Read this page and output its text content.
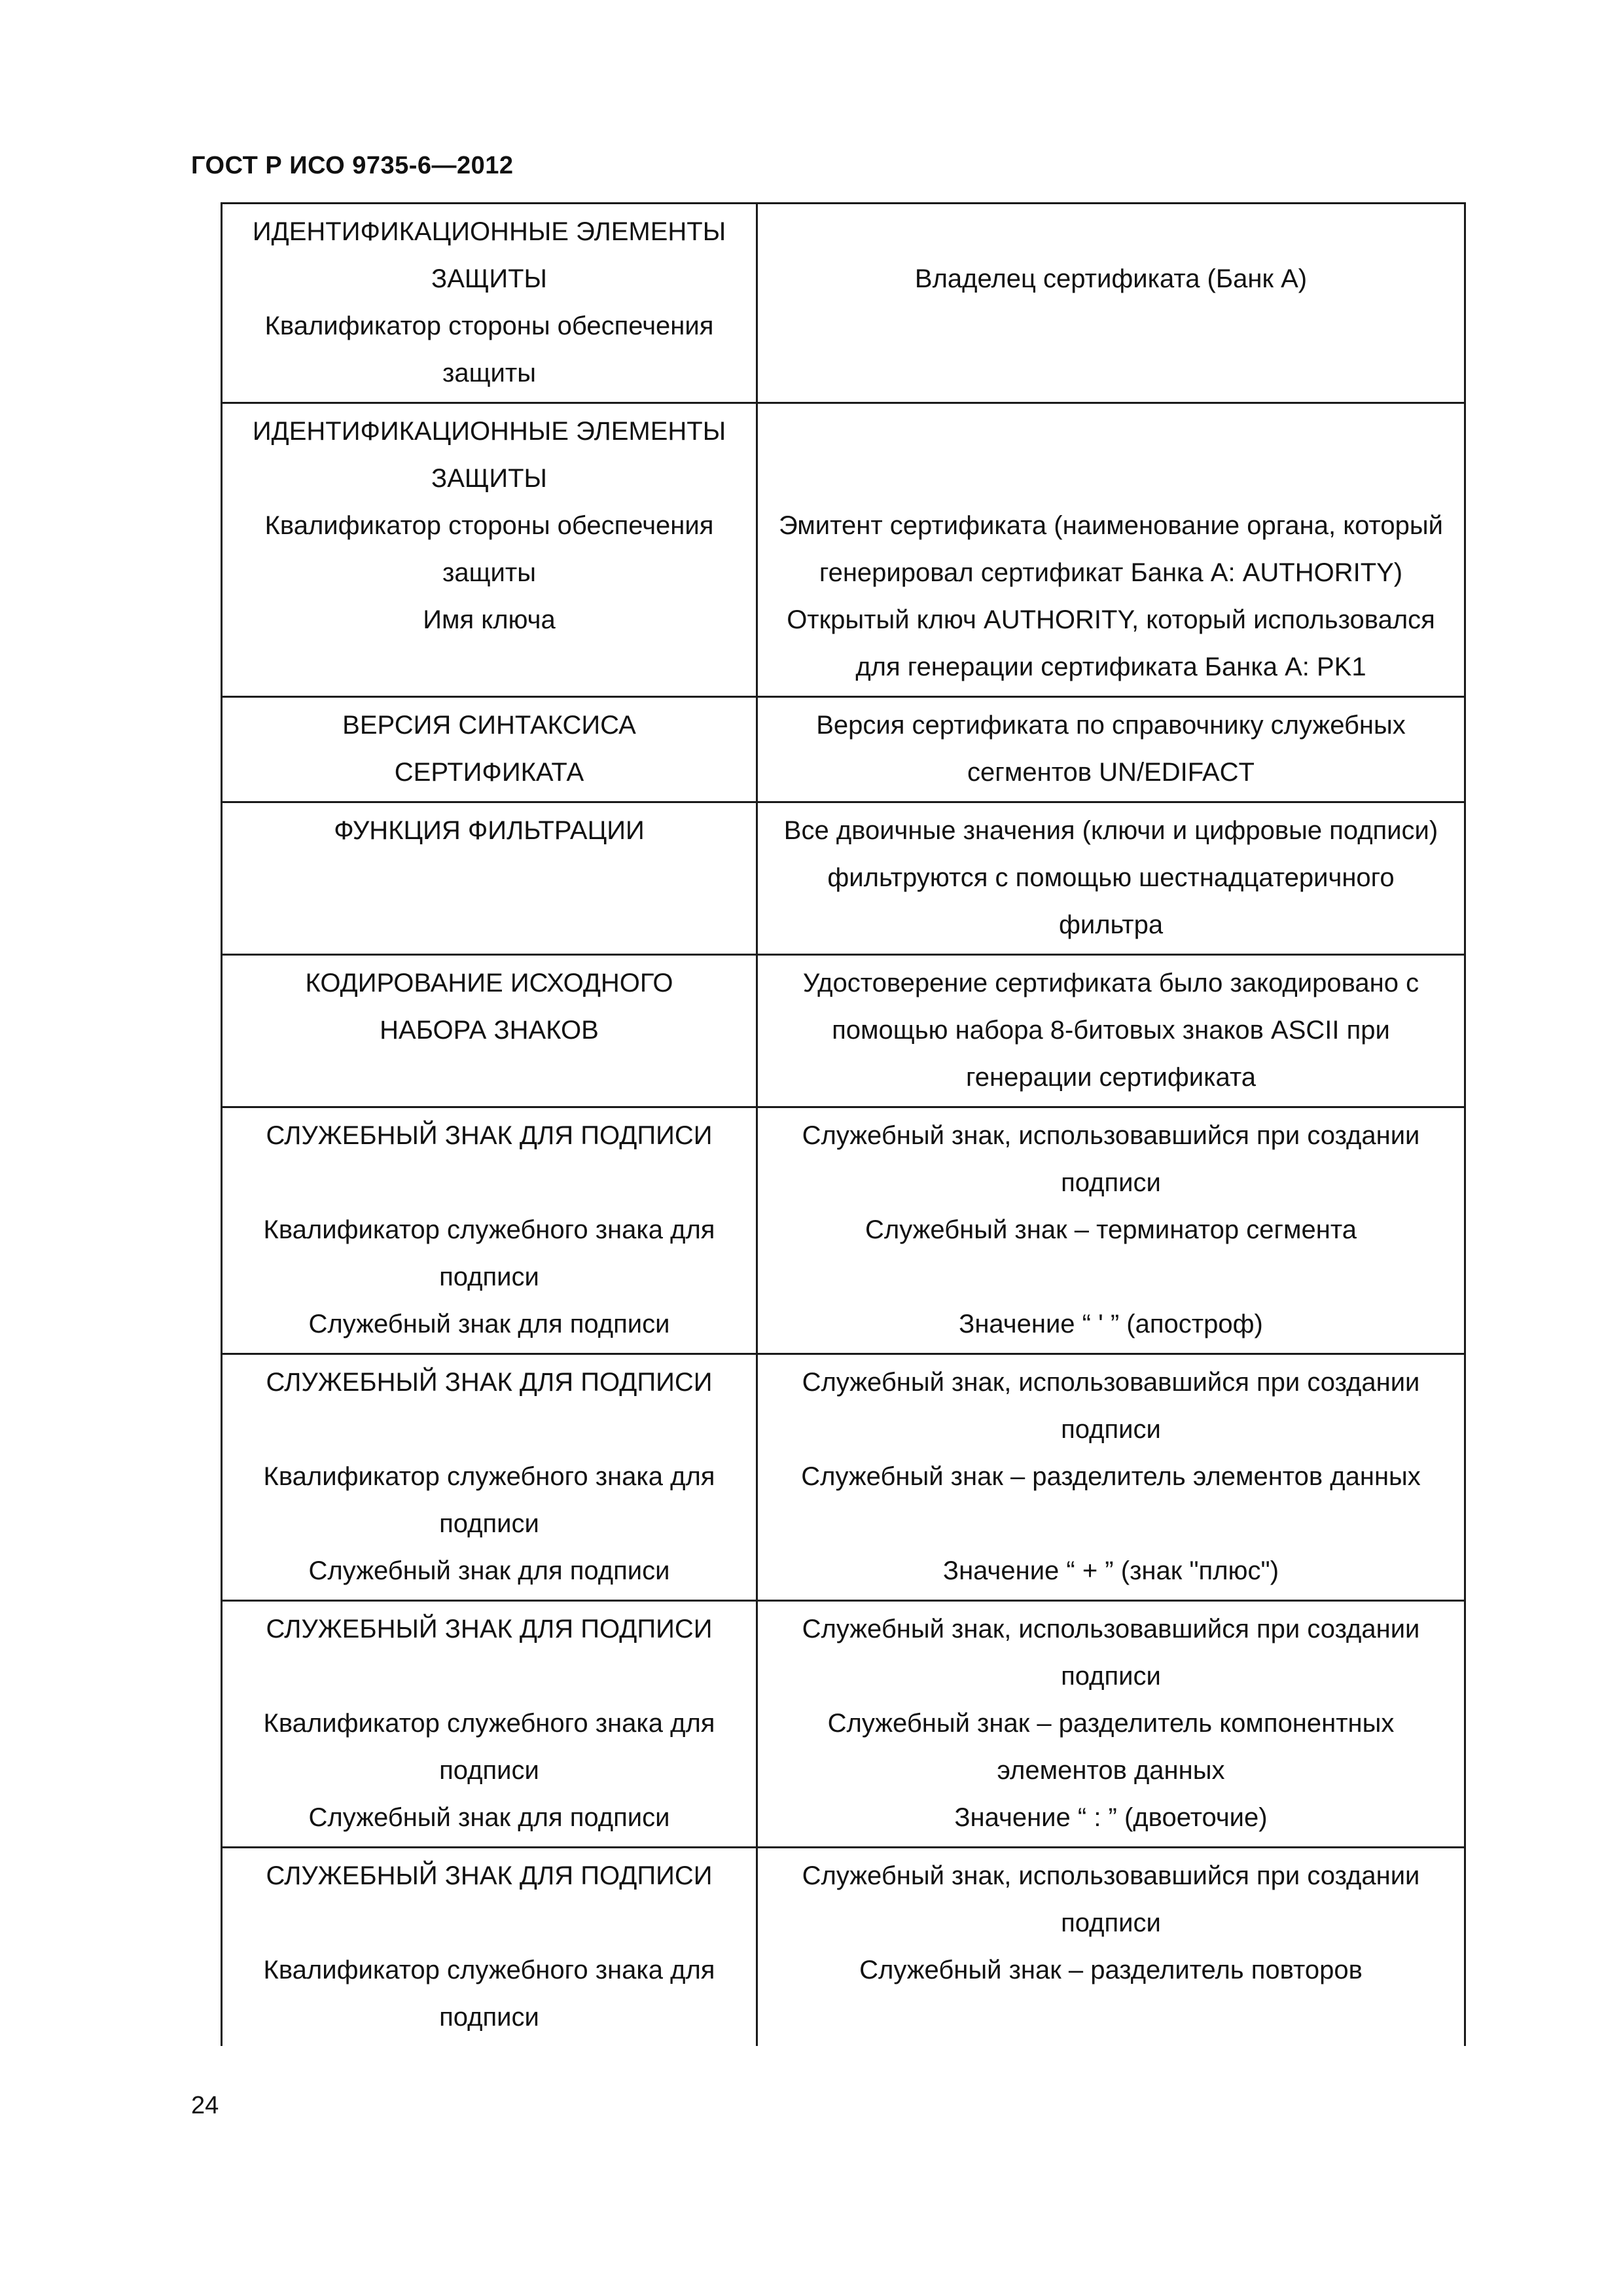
ГОСТ Р ИСО 9735-6—2012
ИДЕНТИФИКАЦИОННЫЕ ЭЛЕМЕНТЫ
ЗАЩИТЫ
Квалификатор стороны обеспечения
защиты	Владелец сертификата (Банк А)

ИДЕНТИФИКАЦИОННЫЕ ЭЛЕМЕНТЫ
ЗАЩИТЫ
Квалификатор стороны обеспечения
защиты
Имя ключа	Эмитент сертификата (наименование органа, который
генерировал сертификат Банка А: AUTHORITY)
Открытый ключ AUTHORITY, который использовался
для генерации сертификата Банка А: PK1

ВЕРСИЯ СИНТАКСИСА
СЕРТИФИКАТА	Версия сертификата по справочнику служебных
сегментов UN/EDIFACT

ФУНКЦИЯ ФИЛЬТРАЦИИ	Все двоичные значения (ключи и цифровые подписи)
фильтруются с помощью шестнадцатеричного
фильтра

КОДИРОВАНИЕ ИСХОДНОГО
НАБОРА ЗНАКОВ	Удостоверение сертификата было закодировано с
помощью набора 8-битовых знаков ASCII при
генерации сертификата

СЛУЖЕБНЫЙ ЗНАК ДЛЯ ПОДПИСИ
Квалификатор служебного знака для
подписи
Служебный знак для подписи	Служебный знак, использовавшийся при создании
подписи
Служебный знак – терминатор сегмента
Значение “ ' ” (апостроф)

СЛУЖЕБНЫЙ ЗНАК ДЛЯ ПОДПИСИ
Квалификатор служебного знака для
подписи
Служебный знак для подписи	Служебный знак, использовавшийся при создании
подписи
Служебный знак – разделитель элементов данных
Значение “ + ” (знак "плюс")

СЛУЖЕБНЫЙ ЗНАК ДЛЯ ПОДПИСИ
Квалификатор служебного знака для
подписи
Служебный знак для подписи	Служебный знак, использовавшийся при создании
подписи
Служебный знак – разделитель компонентных
элементов данных
Значение “ : ” (двоеточие)

СЛУЖЕБНЫЙ ЗНАК ДЛЯ ПОДПИСИ
Квалификатор служебного знака для
подписи	Служебный знак, использовавшийся при создании
подписи
Служебный знак – разделитель повторов
24
